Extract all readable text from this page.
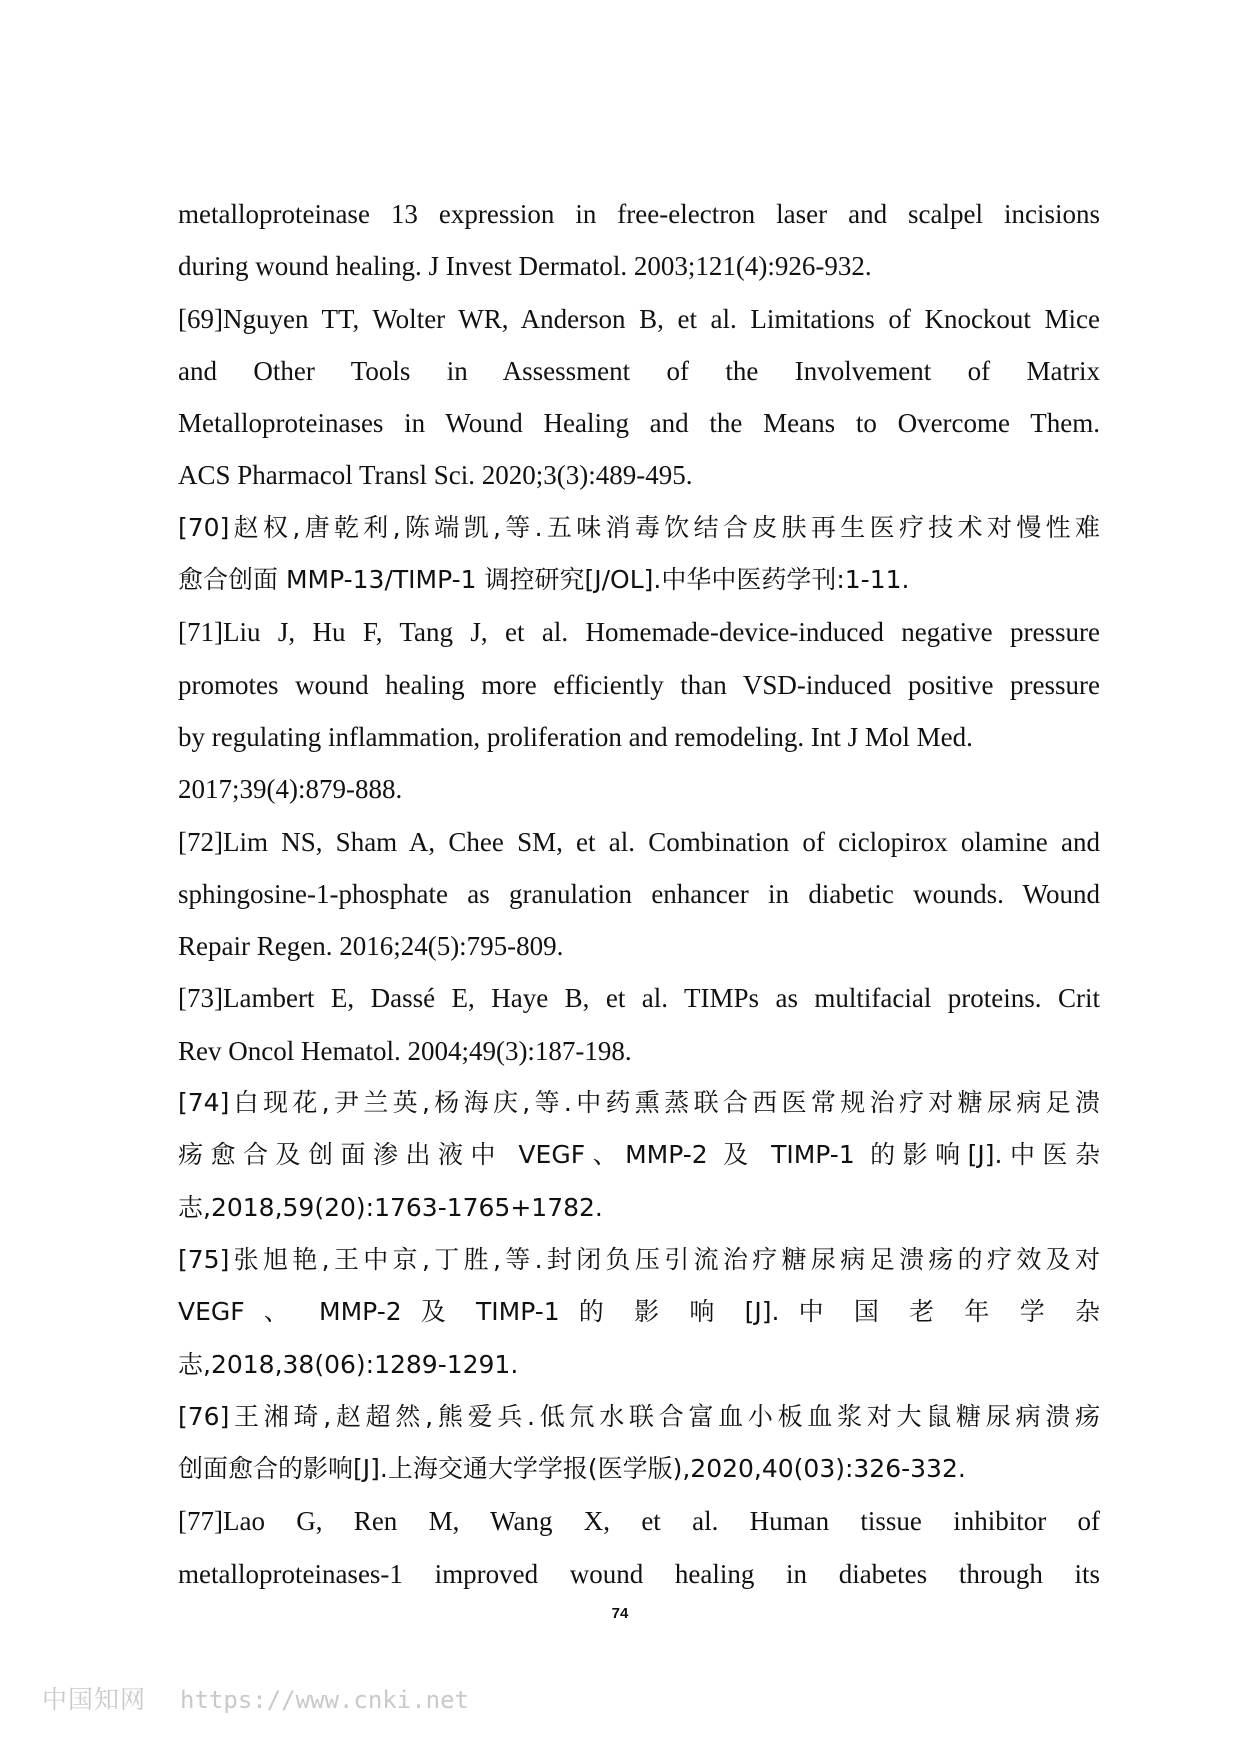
metalloproteinase 13 expression in free-electron laser and scalpel incisions
during wound healing. J Invest Dermatol. 2003;121(4):926-932.
[69]Nguyen TT, Wolter WR, Anderson B, et al. Limitations of Knockout Mice
and Other Tools in Assessment of the Involvement of Matrix
Metalloproteinases in Wound Healing and the Means to Overcome Them.
ACS Pharmacol Transl Sci. 2020;3(3):489-495.
[70]赵权,唐乾利,陈端凯,等.五味消毒饮结合皮肤再生医疗技术对慢性难
愈合创面 MMP-13/TIMP-1 调控研究[J/OL].中华中医药学刊:1-11.
[71]Liu J, Hu F, Tang J, et al. Homemade-device-induced negative pressure
promotes wound healing more efficiently than VSD-induced positive pressure
by regulating inflammation, proliferation and remodeling. Int J Mol Med.
2017;39(4):879-888.
[72]Lim NS, Sham A, Chee SM, et al. Combination of ciclopirox olamine and
sphingosine-1-phosphate as granulation enhancer in diabetic wounds. Wound
Repair Regen. 2016;24(5):795-809.
[73]Lambert E, Dassé E, Haye B, et al. TIMPs as multifacial proteins. Crit
Rev Oncol Hematol. 2004;49(3):187-198.
[74]白现花,尹兰英,杨海庆,等.中药熏蒸联合西医常规治疗对糖尿病足溃
疡愈合及创面渗出液中 VEGF、MMP-2 及 TIMP-1 的影响[J].中医杂
志,2018,59(20):1763-1765+1782.
[75]张旭艳,王中京,丁胜,等.封闭负压引流治疗糖尿病足溃疡的疗效及对
VEGF 、 MMP-2 及 TIMP-1 的 影 响 [J]. 中 国 老 年 学 杂
志,2018,38(06):1289-1291.
[76]王湘琦,赵超然,熊爱兵.低氘水联合富血小板血浆对大鼠糖尿病溃疡
创面愈合的影响[J].上海交通大学学报(医学版),2020,40(03):326-332.
[77]Lao G, Ren M, Wang X, et al. Human tissue inhibitor of
metalloproteinases-1 improved wound healing in diabetes through its
74
中国知网 https://www.cnki.net
